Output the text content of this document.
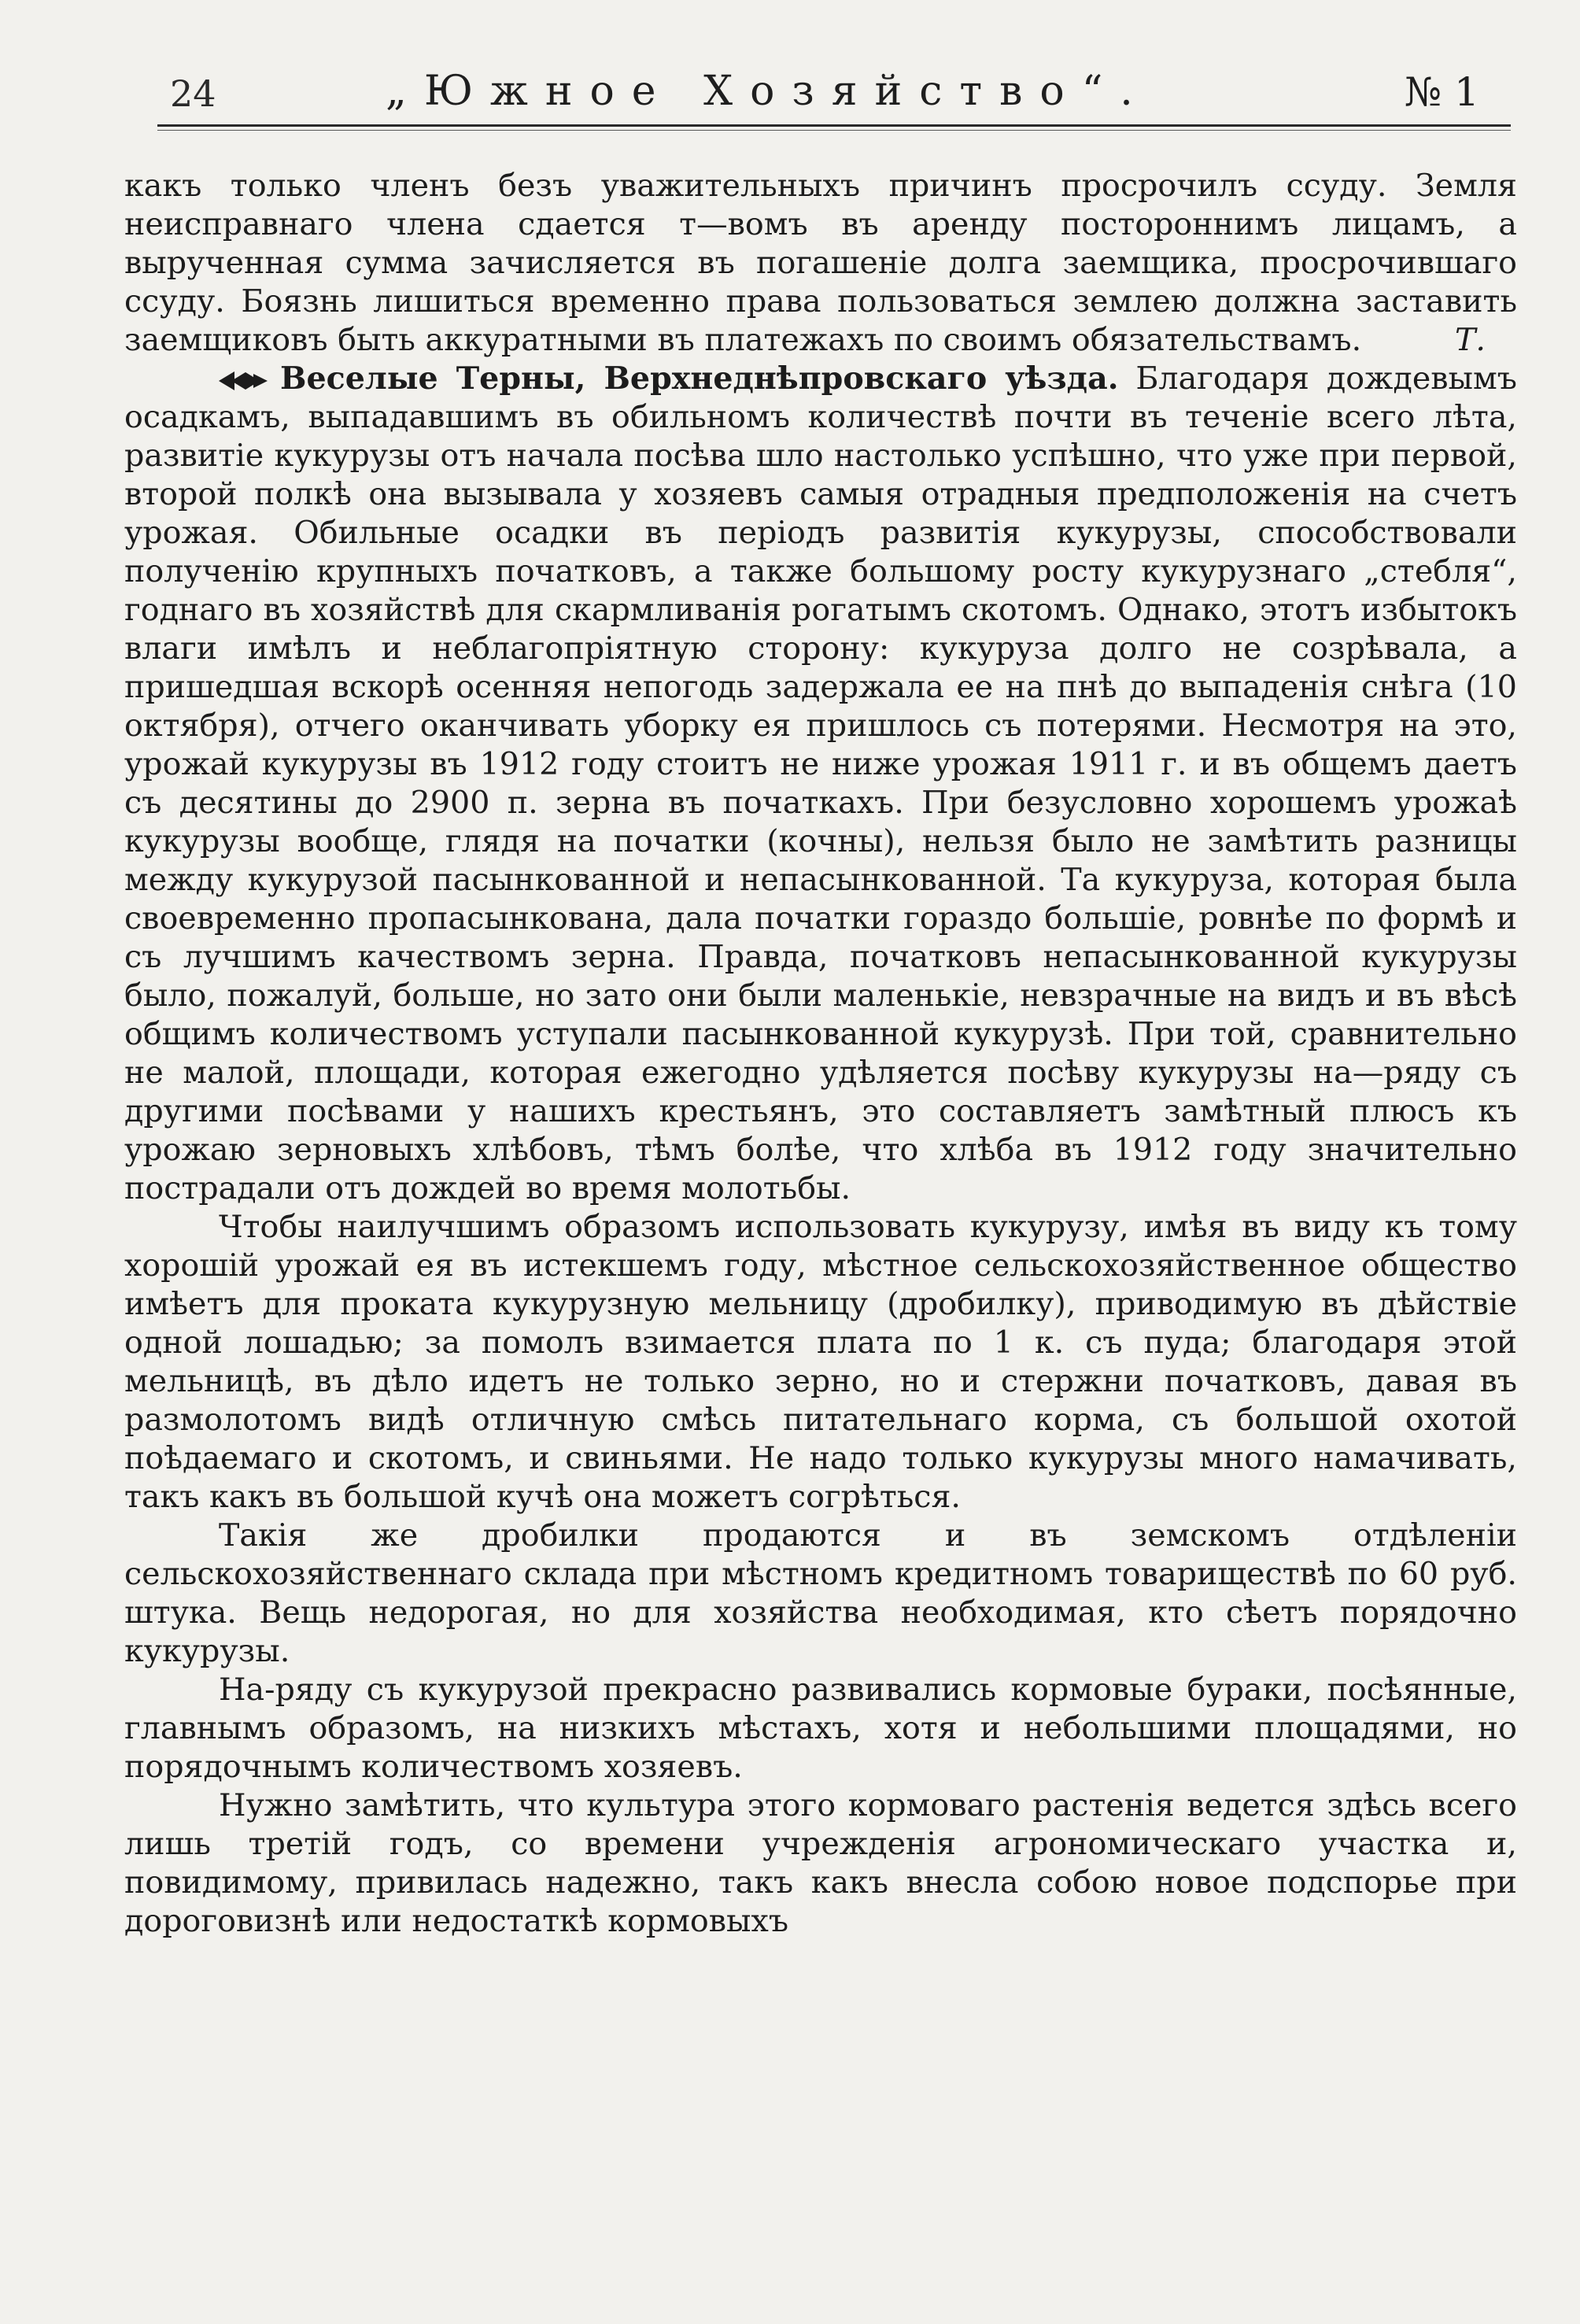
24	„Южное Хозяйство“.	№ 1

какъ только членъ безъ уважительныхъ причинъ просрочилъ ссуду. Земля неисправнаго члена сдается т—вомъ въ аренду постороннимъ лицамъ, а вырученная сумма зачисляется въ погашенiе долга заемщика, просрочившаго ссуду. Боязнь лишиться временно права пользоваться землею должна заставить заемщиковъ быть аккуратными въ платежахъ по своимъ обязательствамъ.	Т.

Веселые Терны, Верхнеднѣпровскаго уѣзда. Благодаря дождевымъ осадкамъ, выпадавшимъ въ обильномъ количествѣ почти въ теченiе всего лѣта, развитiе кукурузы отъ начала посѣва шло настолько успѣшно, что уже при первой, второй полкѣ она вызывала у хозяевъ самыя отрадныя предположенiя на счетъ урожая. Обильные осадки въ перiодъ развитiя кукурузы, способствовали полученiю крупныхъ початковъ, а также большому росту кукурузнаго „стебля“, годнаго въ хозяйствѣ для скармливанiя рогатымъ скотомъ. Однако, этотъ избытокъ влаги имѣлъ и неблагопрiятную сторону: кукуруза долго не созрѣвала, а пришедшая вскорѣ осенняя непогодь задержала ее на пнѣ до выпаденiя снѣга (10 октября), отчего оканчивать уборку ея пришлось съ потерями. Несмотря на это, урожай кукурузы въ 1912 году стоитъ не ниже урожая 1911 г. и въ общемъ даетъ съ десятины до 2900 п. зерна въ початкахъ. При безусловно хорошемъ урожаѣ кукурузы вообще, глядя на початки (кочны), нельзя было не замѣтить разницы между кукурузой пасынкованной и непасынкованной. Та кукуруза, которая была своевременно пропасынкована, дала початки гораздо большiе, ровнѣе по формѣ и съ лучшимъ качествомъ зерна. Правда, початковъ непасынкованной кукурузы было, пожалуй, больше, но зато они были маленькiе, невзрачные на видъ и въ вѣсѣ общимъ количествомъ уступали пасынкованной кукурузѣ. При той, сравнительно не малой, площади, которая ежегодно удѣляется посѣву кукурузы на—ряду съ другими посѣвами у нашихъ крестьянъ, это составляетъ замѣтный плюсъ къ урожаю зерновыхъ хлѣбовъ, тѣмъ болѣе, что хлѣба въ 1912 году значительно пострадали отъ дождей во время молотьбы.

Чтобы наилучшимъ образомъ использовать кукурузу, имѣя въ виду къ тому хорошiй урожай ея въ истекшемъ году, мѣстное сельскохозяйственное общество имѣетъ для проката кукурузную мельницу (дробилку), приводимую въ дѣйствiе одной лошадью; за помолъ взимается плата по 1 к. съ пуда; благодаря этой мельницѣ, въ дѣло идетъ не только зерно, но и стержни початковъ, давая въ размолотомъ видѣ отличную смѣсь питательнаго корма, съ большой охотой поѣдаемаго и скотомъ, и свиньями. Не надо только кукурузы много намачивать, такъ какъ въ большой кучѣ она можетъ согрѣться.

Такiя же дробилки продаются и въ земскомъ отдѣленiи сельскохозяйственнаго склада при мѣстномъ кредитномъ товариществѣ по 60 руб. штука. Вещь недорогая, но для хозяйства необходимая, кто сѣетъ порядочно кукурузы.

На-ряду съ кукурузой прекрасно развивались кормовые бураки, посѣянные, главнымъ образомъ, на низкихъ мѣстахъ, хотя и небольшими площадями, но порядочнымъ количествомъ хозяевъ.

Нужно замѣтить, что культура этого кормоваго растенiя ведется здѣсь всего лишь третiй годъ, со времени учрежденiя агрономическаго участка и, повидимому, привилась надежно, такъ какъ внесла собою новое подспорье при дороговизнѣ или недостаткѣ кормовыхъ
